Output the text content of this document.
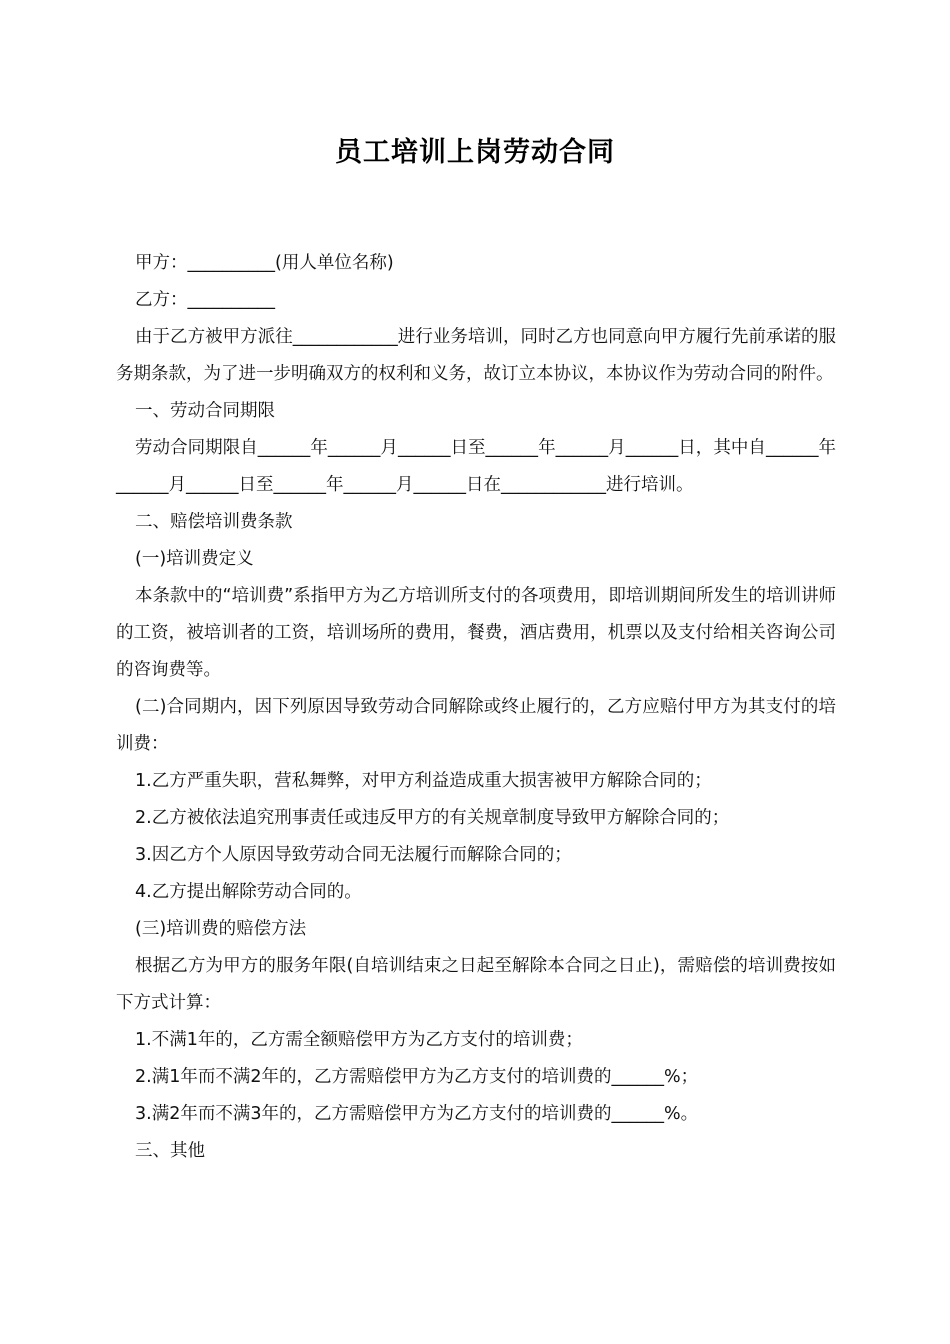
员工培训上岗劳动合同

甲方：__________(用人单位名称)

乙方：__________

由于乙方被甲方派往____________进行业务培训，同时乙方也同意向甲方履行先前承诺的服务期条款，为了进一步明确双方的权利和义务，故订立本协议，本协议作为劳动合同的附件。

一、劳动合同期限

劳动合同期限自______年______月______日至______年______月______日，其中自______年______月______日至______年______月______日在____________进行培训。

二、赔偿培训费条款

(一)培训费定义

本条款中的“培训费”系指甲方为乙方培训所支付的各项费用，即培训期间所发生的培训讲师的工资，被培训者的工资，培训场所的费用，餐费，酒店费用，机票以及支付给相关咨询公司的咨询费等。

(二)合同期内，因下列原因导致劳动合同解除或终止履行的，乙方应赔付甲方为其支付的培训费：

1.乙方严重失职，营私舞弊，对甲方利益造成重大损害被甲方解除合同的；

2.乙方被依法追究刑事责任或违反甲方的有关规章制度导致甲方解除合同的；

3.因乙方个人原因导致劳动合同无法履行而解除合同的；

4.乙方提出解除劳动合同的。

(三)培训费的赔偿方法

根据乙方为甲方的服务年限(自培训结束之日起至解除本合同之日止)，需赔偿的培训费按如下方式计算：

1.不满1年的，乙方需全额赔偿甲方为乙方支付的培训费；

2.满1年而不满2年的，乙方需赔偿甲方为乙方支付的培训费的______%；

3.满2年而不满3年的，乙方需赔偿甲方为乙方支付的培训费的______%。

三、其他
